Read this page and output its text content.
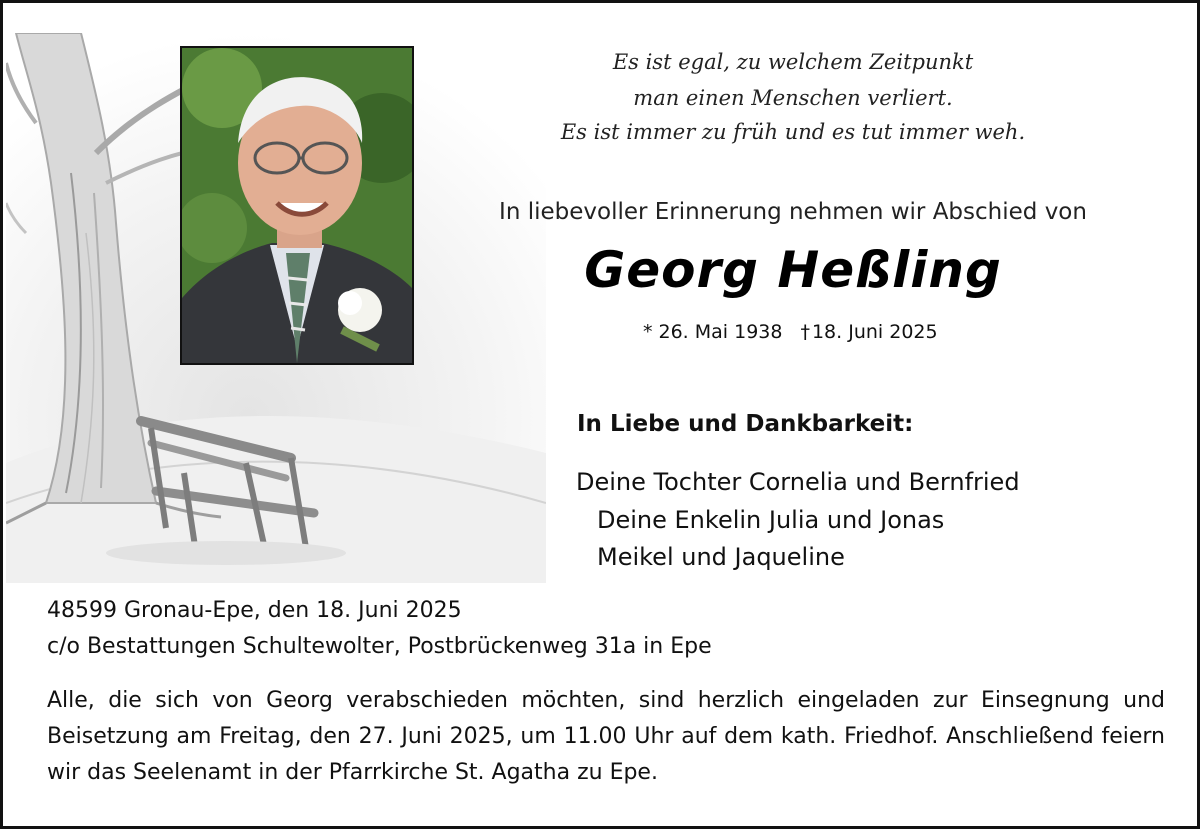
Es ist egal, zu welchem Zeitpunkt
man einen Menschen verliert.
Es ist immer zu früh und es tut immer weh.
In liebevoller Erinnerung nehmen wir Abschied von
Georg Heßling
* 26. Mai 1938 † 18. Juni 2025
In Liebe und Dankbarkeit:
Deine Tochter Cornelia und Bernfried
Deine Enkelin Julia und Jonas
Meikel und Jaqueline
48599 Gronau-Epe, den 18. Juni 2025
c/o Bestattungen Schultewolter, Postbrückenweg 31a in Epe
Alle, die sich von Georg verabschieden möchten, sind herzlich eingeladen zur Einsegnung und Beisetzung am Freitag, den 27. Juni 2025, um 11.00 Uhr auf dem kath. Friedhof. Anschließend feiern wir das Seelenamt in der Pfarrkirche St. Agatha zu Epe.
